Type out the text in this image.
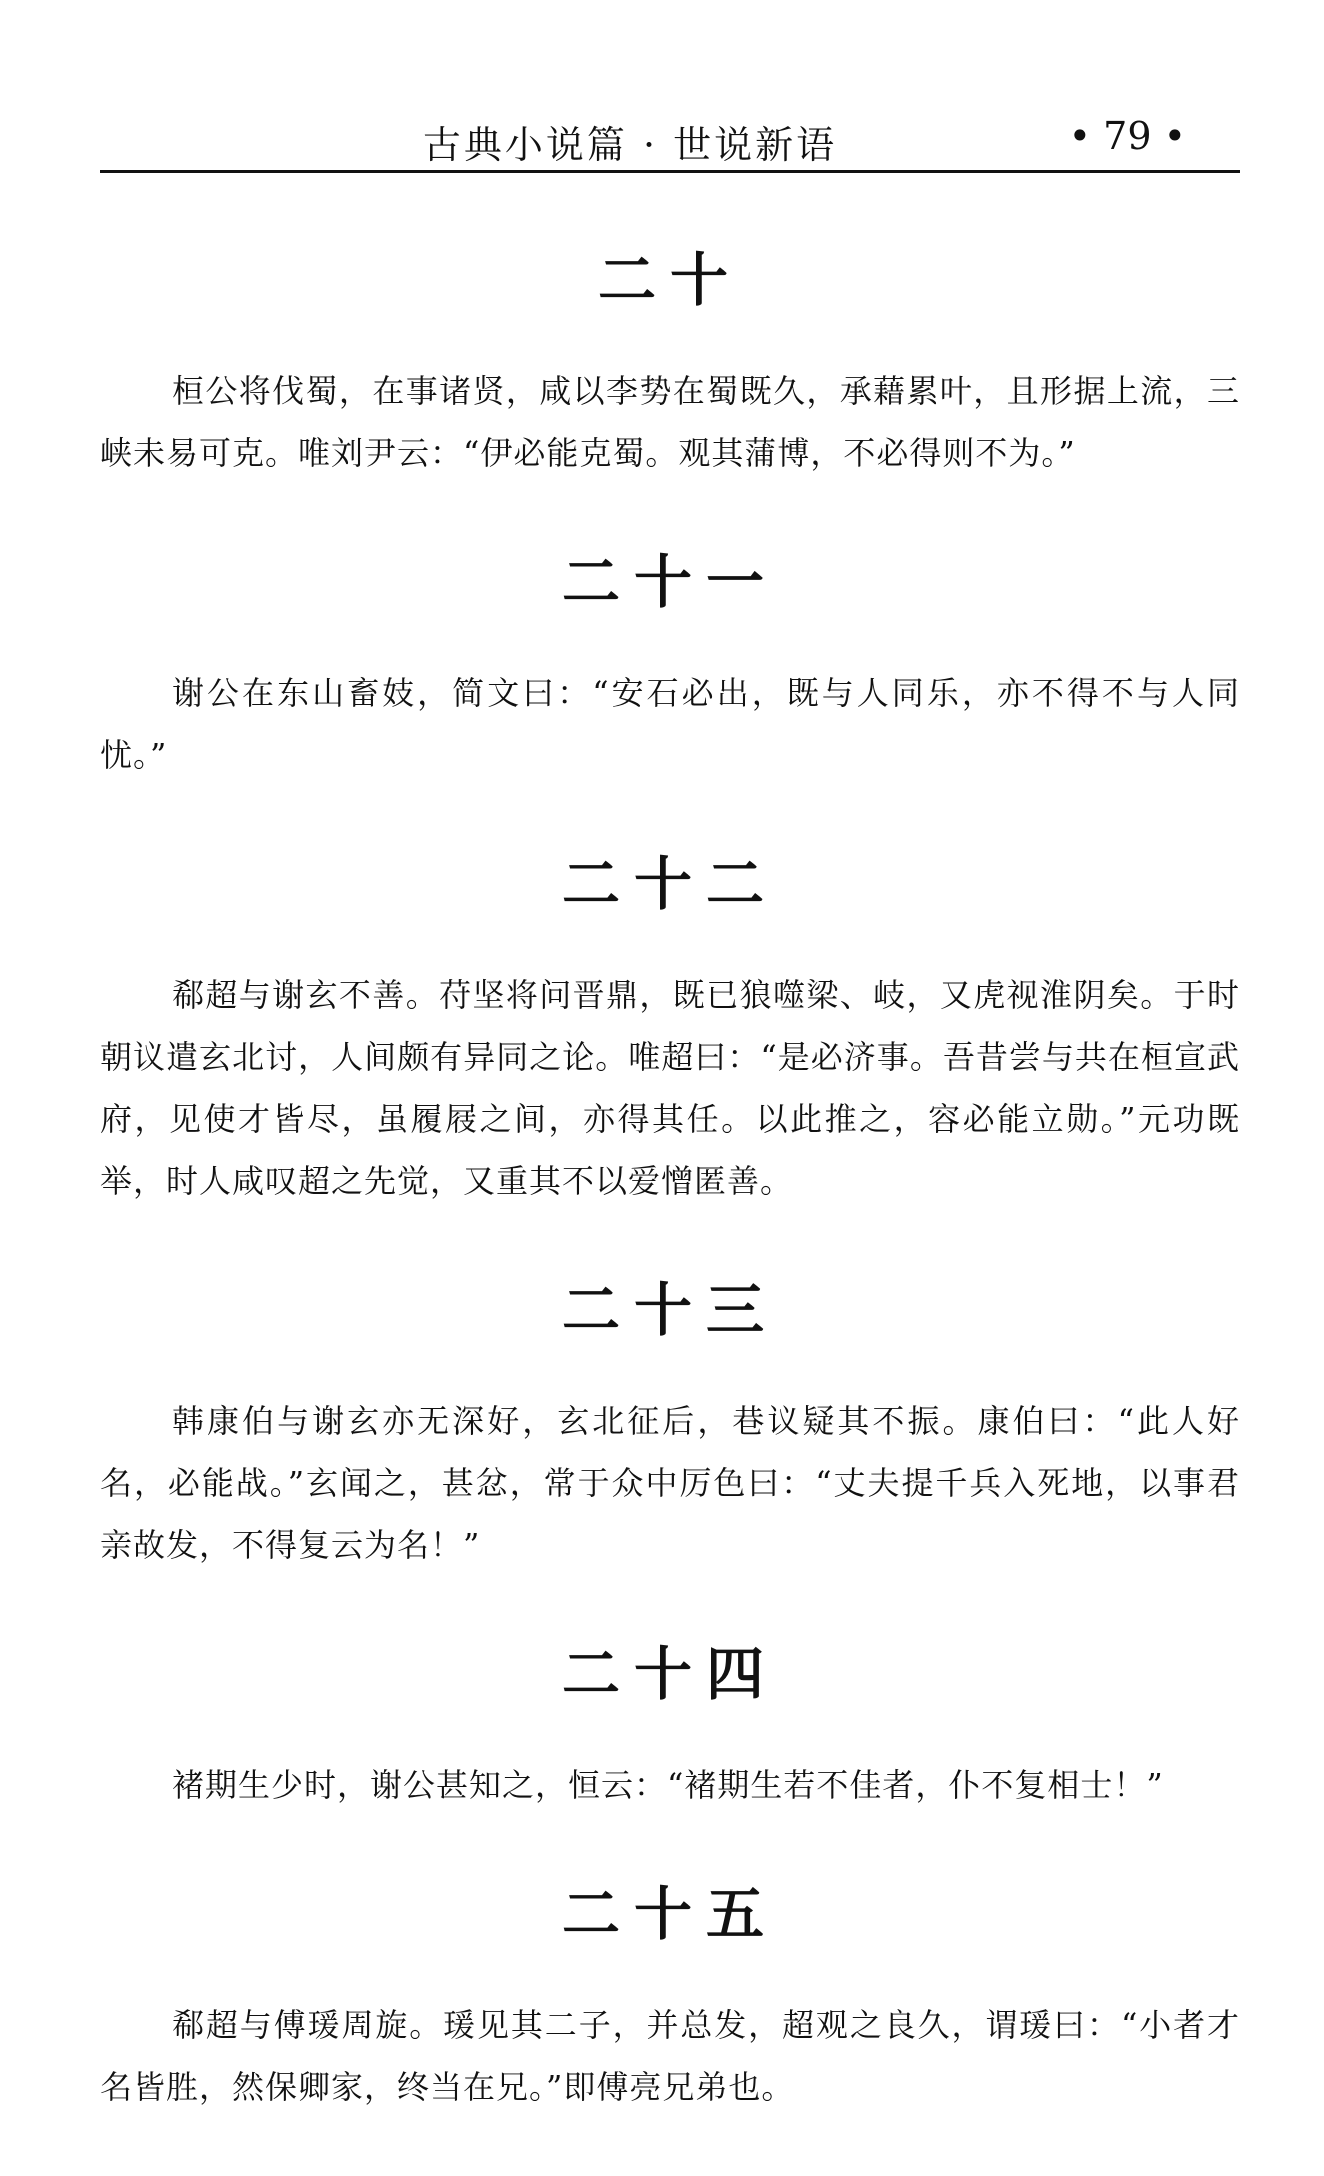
古典小说篇 · 世说新语	• 79 •
二十

桓公将伐蜀，在事诸贤，咸以李势在蜀既久，承藉累叶，且形据上流，三峡未易可克。唯刘尹云：“伊必能克蜀。观其蒲博，不必得则不为。”

二十一

谢公在东山畜妓，简文曰：“安石必出，既与人同乐，亦不得不与人同忧。”

二十二

郗超与谢玄不善。苻坚将问晋鼎，既已狼噬梁、岐，又虎视淮阴矣。于时朝议遣玄北讨，人间颇有异同之论。唯超曰：“是必济事。吾昔尝与共在桓宣武府，见使才皆尽，虽履屐之间，亦得其任。以此推之，容必能立勋。”元功既举，时人咸叹超之先觉，又重其不以爱憎匿善。

二十三

韩康伯与谢玄亦无深好，玄北征后，巷议疑其不振。康伯曰：“此人好名，必能战。”玄闻之，甚忿，常于众中厉色曰：“丈夫提千兵入死地，以事君亲故发，不得复云为名！”

二十四

褚期生少时，谢公甚知之，恒云：“褚期生若不佳者，仆不复相士！”

二十五

郗超与傅瑗周旋。瑗见其二子，并总发，超观之良久，谓瑗曰：“小者才名皆胜，然保卿家，终当在兄。”即傅亮兄弟也。
